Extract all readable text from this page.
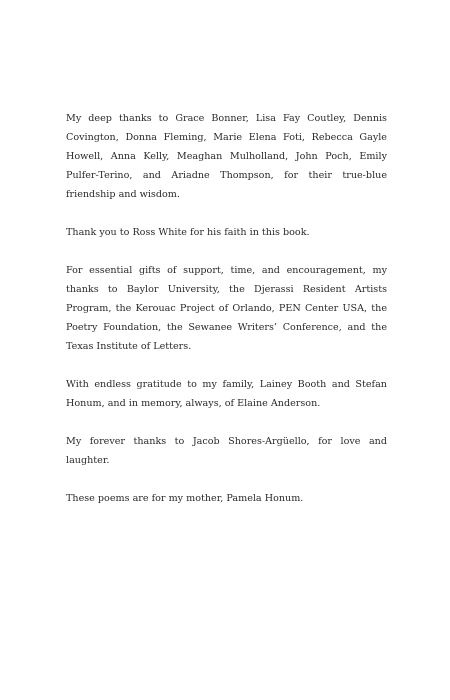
My deep thanks to Grace Bonner, Lisa Fay Coutley, Dennis Covington, Donna Fleming, Marie Elena Foti, Rebecca Gayle Howell, Anna Kelly, Meaghan Mulholland, John Poch, Emily Pulfer-Terino, and Ariadne Thompson, for their true-blue friendship and wisdom.

Thank you to Ross White for his faith in this book.

For essential gifts of support, time, and encouragement, my thanks to Baylor University, the Djerassi Resident Artists Program, the Kerouac Project of Orlando, PEN Center USA, the Poetry Foundation, the Sewanee Writers’ Conference, and the Texas Institute of Letters.

With endless gratitude to my family, Lainey Booth and Stefan Honum, and in memory, always, of Elaine Anderson.

My forever thanks to Jacob Shores-Argüello, for love and laughter.

These poems are for my mother, Pamela Honum.
